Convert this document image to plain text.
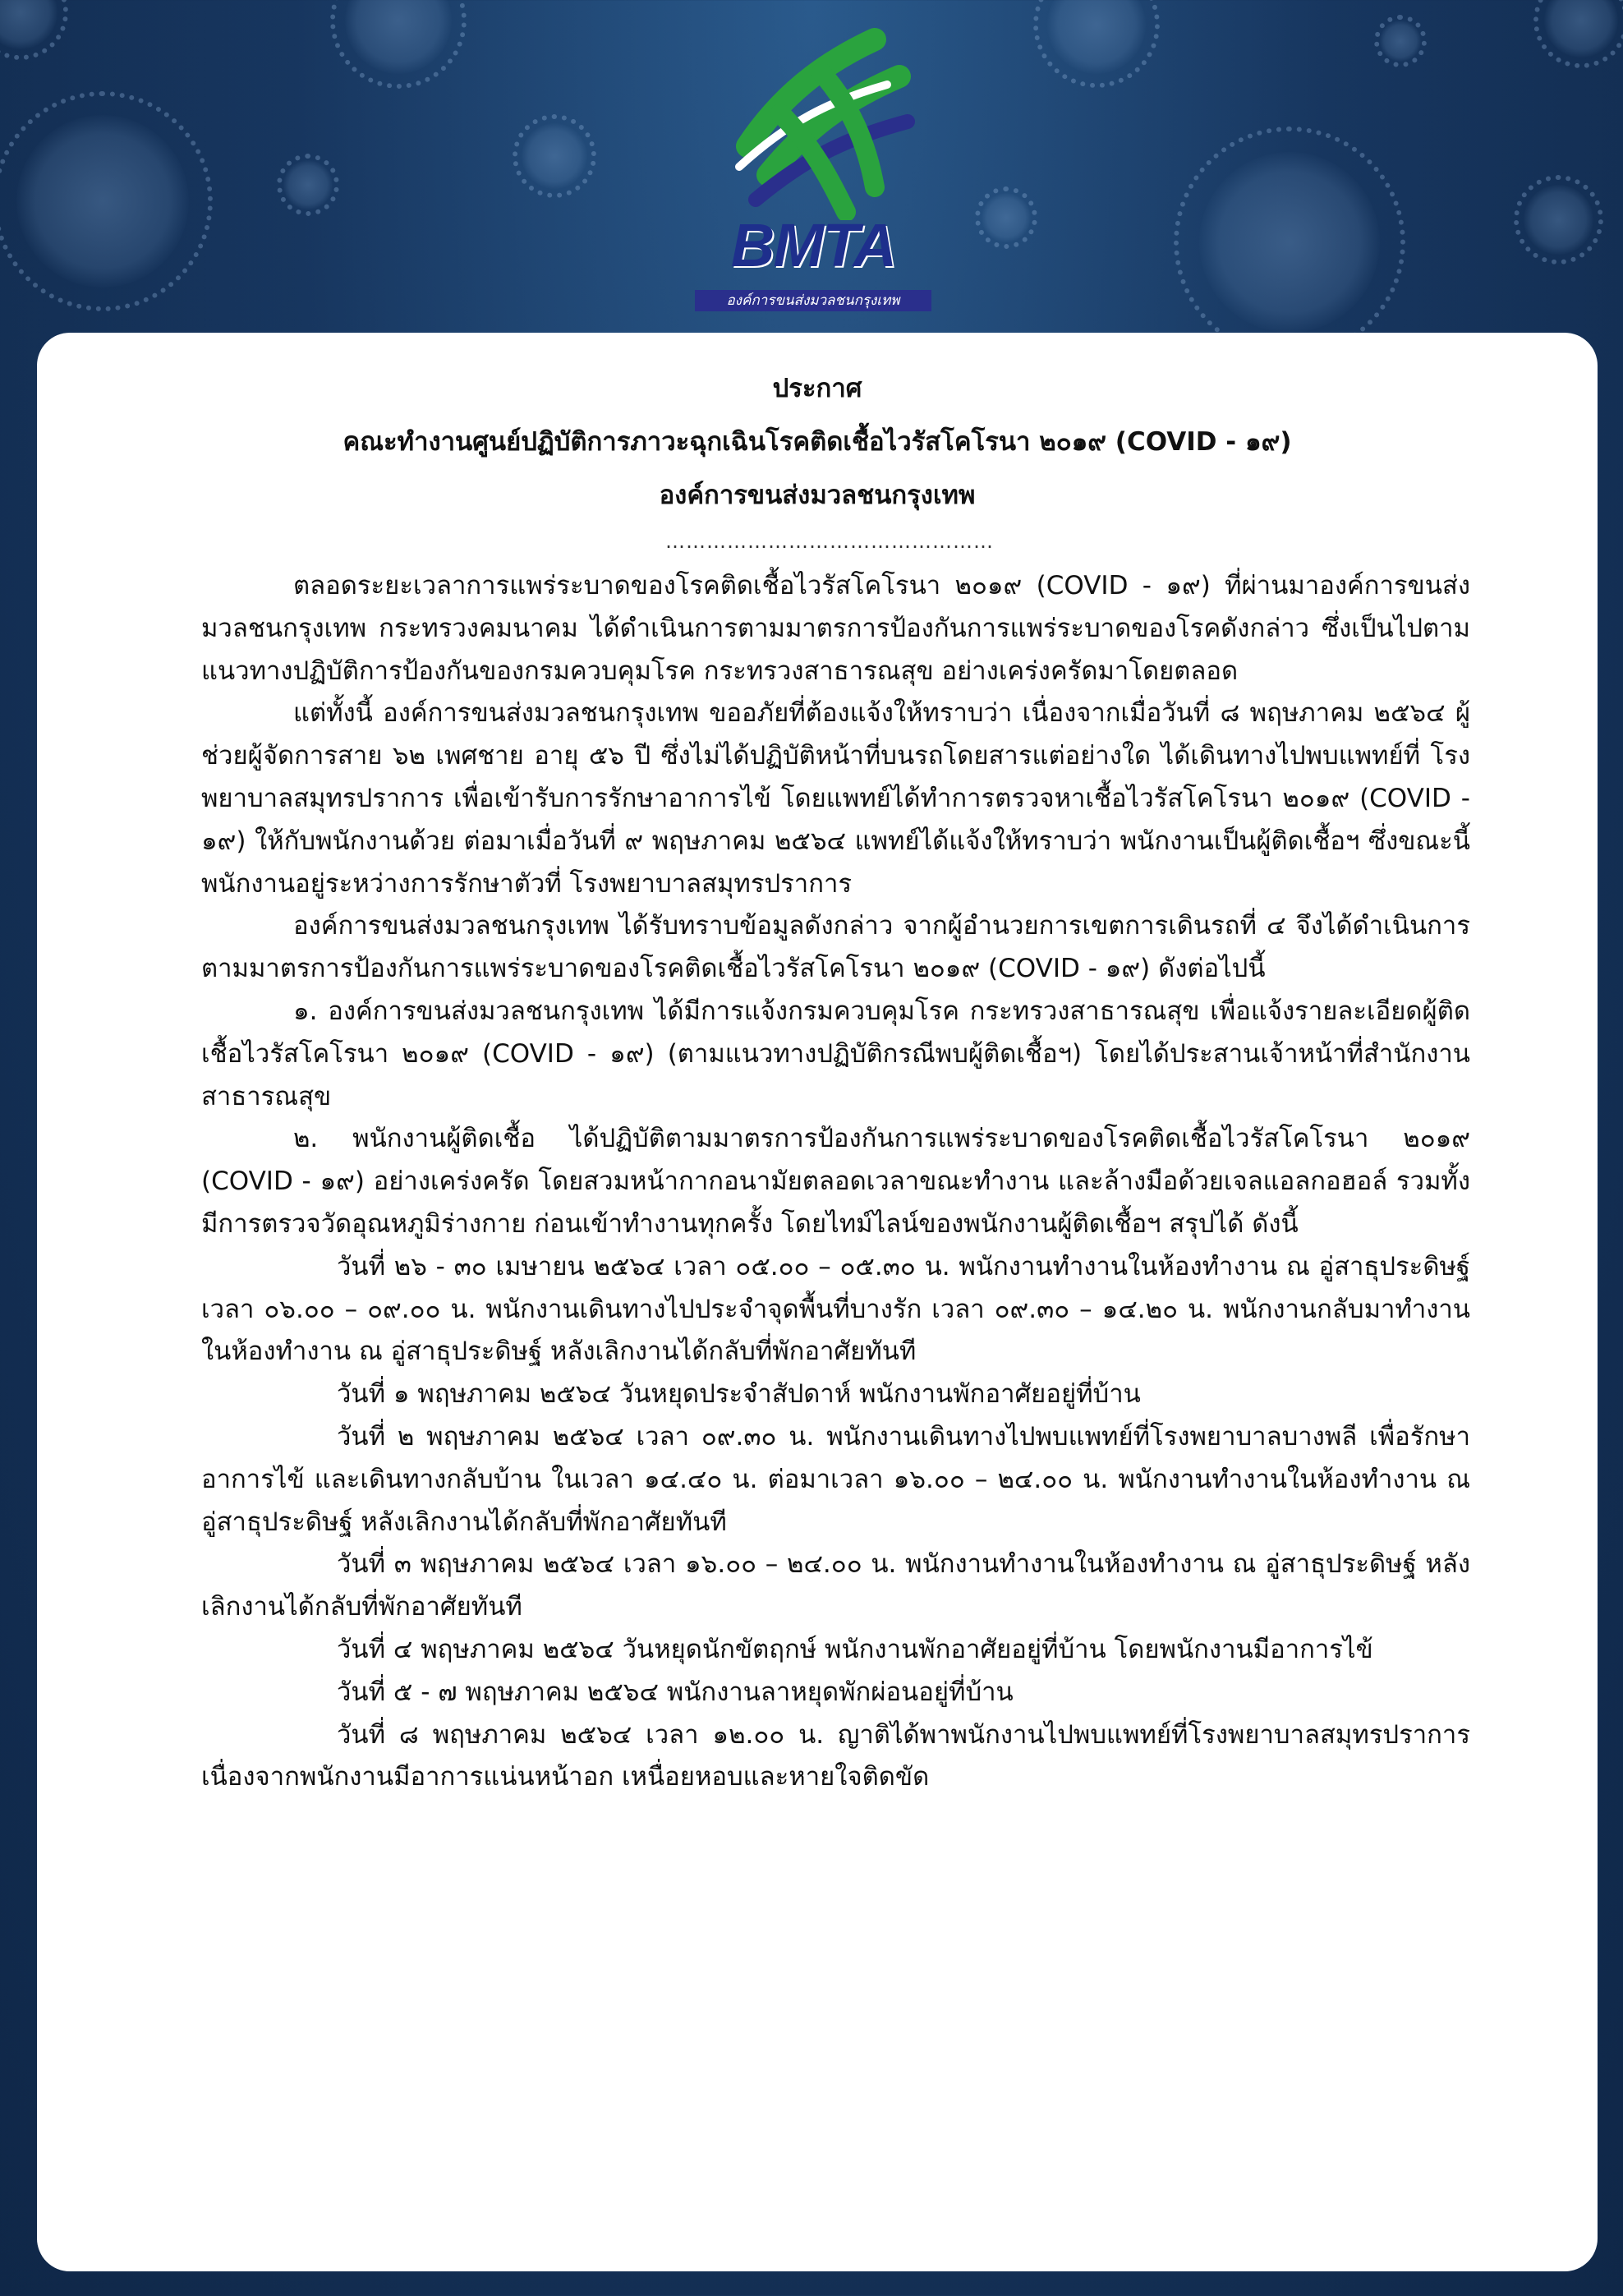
BMTA
องค์การขนส่งมวลชนกรุงเทพ
ประกาศ
คณะทำงานศูนย์ปฏิบัติการภาวะฉุกเฉินโรคติดเชื้อไวรัสโคโรนา ๒๐๑๙ (COVID - ๑๙)
องค์การขนส่งมวลชนกรุงเทพ
…………………………………………

ตลอดระยะเวลาการแพร่ระบาดของโรคติดเชื้อไวรัสโคโรนา ๒๐๑๙ (COVID - ๑๙) ที่ผ่านมาองค์การขนส่งมวลชนกรุงเทพ กระทรวงคมนาคม ได้ดำเนินการตามมาตรการป้องกันการแพร่ระบาดของโรคดังกล่าว ซึ่งเป็นไปตามแนวทางปฏิบัติการป้องกันของกรมควบคุมโรค กระทรวงสาธารณสุข อย่างเคร่งครัดมาโดยตลอด

แต่ทั้งนี้ องค์การขนส่งมวลชนกรุงเทพ ขออภัยที่ต้องแจ้งให้ทราบว่า เนื่องจากเมื่อวันที่ ๘ พฤษภาคม ๒๕๖๔ ผู้ช่วยผู้จัดการสาย ๖๒ เพศชาย อายุ ๕๖ ปี ซึ่งไม่ได้ปฏิบัติหน้าที่บนรถโดยสารแต่อย่างใด ได้เดินทางไปพบแพทย์ที่ โรงพยาบาลสมุทรปราการ เพื่อเข้ารับการรักษาอาการไข้ โดยแพทย์ได้ทำการตรวจหาเชื้อไวรัสโคโรนา ๒๐๑๙ (COVID - ๑๙) ให้กับพนักงานด้วย ต่อมาเมื่อวันที่ ๙ พฤษภาคม ๒๕๖๔ แพทย์ได้แจ้งให้ทราบว่า พนักงานเป็นผู้ติดเชื้อฯ ซึ่งขณะนี้พนักงานอยู่ระหว่างการรักษาตัวที่ โรงพยาบาลสมุทรปราการ

องค์การขนส่งมวลชนกรุงเทพ ได้รับทราบข้อมูลดังกล่าว จากผู้อำนวยการเขตการเดินรถที่ ๔ จึงได้ดำเนินการตามมาตรการป้องกันการแพร่ระบาดของโรคติดเชื้อไวรัสโคโรนา ๒๐๑๙ (COVID - ๑๙) ดังต่อไปนี้

๑. องค์การขนส่งมวลชนกรุงเทพ ได้มีการแจ้งกรมควบคุมโรค กระทรวงสาธารณสุข เพื่อแจ้งรายละเอียดผู้ติดเชื้อไวรัสโคโรนา ๒๐๑๙ (COVID - ๑๙) (ตามแนวทางปฏิบัติกรณีพบผู้ติดเชื้อฯ) โดยได้ประสานเจ้าหน้าที่สำนักงานสาธารณสุข

๒. พนักงานผู้ติดเชื้อ ได้ปฏิบัติตามมาตรการป้องกันการแพร่ระบาดของโรคติดเชื้อไวรัสโคโรนา ๒๐๑๙ (COVID - ๑๙) อย่างเคร่งครัด โดยสวมหน้ากากอนามัยตลอดเวลาขณะทำงาน และล้างมือด้วยเจลแอลกอฮอล์ รวมทั้ง มีการตรวจวัดอุณหภูมิร่างกาย ก่อนเข้าทำงานทุกครั้ง โดยไทม์ไลน์ของพนักงานผู้ติดเชื้อฯ สรุปได้ ดังนี้

วันที่ ๒๖ - ๓๐ เมษายน ๒๕๖๔ เวลา ๐๕.๐๐ – ๐๕.๓๐ น. พนักงานทำงานในห้องทำงาน ณ อู่สาธุประดิษฐ์ เวลา ๐๖.๐๐ – ๐๙.๐๐ น. พนักงานเดินทางไปประจำจุดพื้นที่บางรัก เวลา ๐๙.๓๐ – ๑๔.๒๐ น. พนักงานกลับมาทำงานในห้องทำงาน ณ อู่สาธุประดิษฐ์ หลังเลิกงานได้กลับที่พักอาศัยทันที

วันที่ ๑ พฤษภาคม ๒๕๖๔ วันหยุดประจำสัปดาห์ พนักงานพักอาศัยอยู่ที่บ้าน

วันที่ ๒ พฤษภาคม ๒๕๖๔ เวลา ๐๙.๓๐ น. พนักงานเดินทางไปพบแพทย์ที่โรงพยาบาลบางพลี เพื่อรักษาอาการไข้ และเดินทางกลับบ้าน ในเวลา ๑๔.๔๐ น. ต่อมาเวลา ๑๖.๐๐ – ๒๔.๐๐ น. พนักงานทำงานในห้องทำงาน ณ อู่สาธุประดิษฐ์ หลังเลิกงานได้กลับที่พักอาศัยทันที

วันที่ ๓ พฤษภาคม ๒๕๖๔ เวลา ๑๖.๐๐ – ๒๔.๐๐ น. พนักงานทำงานในห้องทำงาน ณ อู่สาธุประดิษฐ์ หลังเลิกงานได้กลับที่พักอาศัยทันที

วันที่ ๔ พฤษภาคม ๒๕๖๔ วันหยุดนักขัตฤกษ์ พนักงานพักอาศัยอยู่ที่บ้าน โดยพนักงานมีอาการไข้

วันที่ ๕ - ๗ พฤษภาคม ๒๕๖๔ พนักงานลาหยุดพักผ่อนอยู่ที่บ้าน

วันที่ ๘ พฤษภาคม ๒๕๖๔ เวลา ๑๒.๐๐ น. ญาติได้พาพนักงานไปพบแพทย์ที่โรงพยาบาลสมุทรปราการ เนื่องจากพนักงานมีอาการแน่นหน้าอก เหนื่อยหอบและหายใจติดขัด
